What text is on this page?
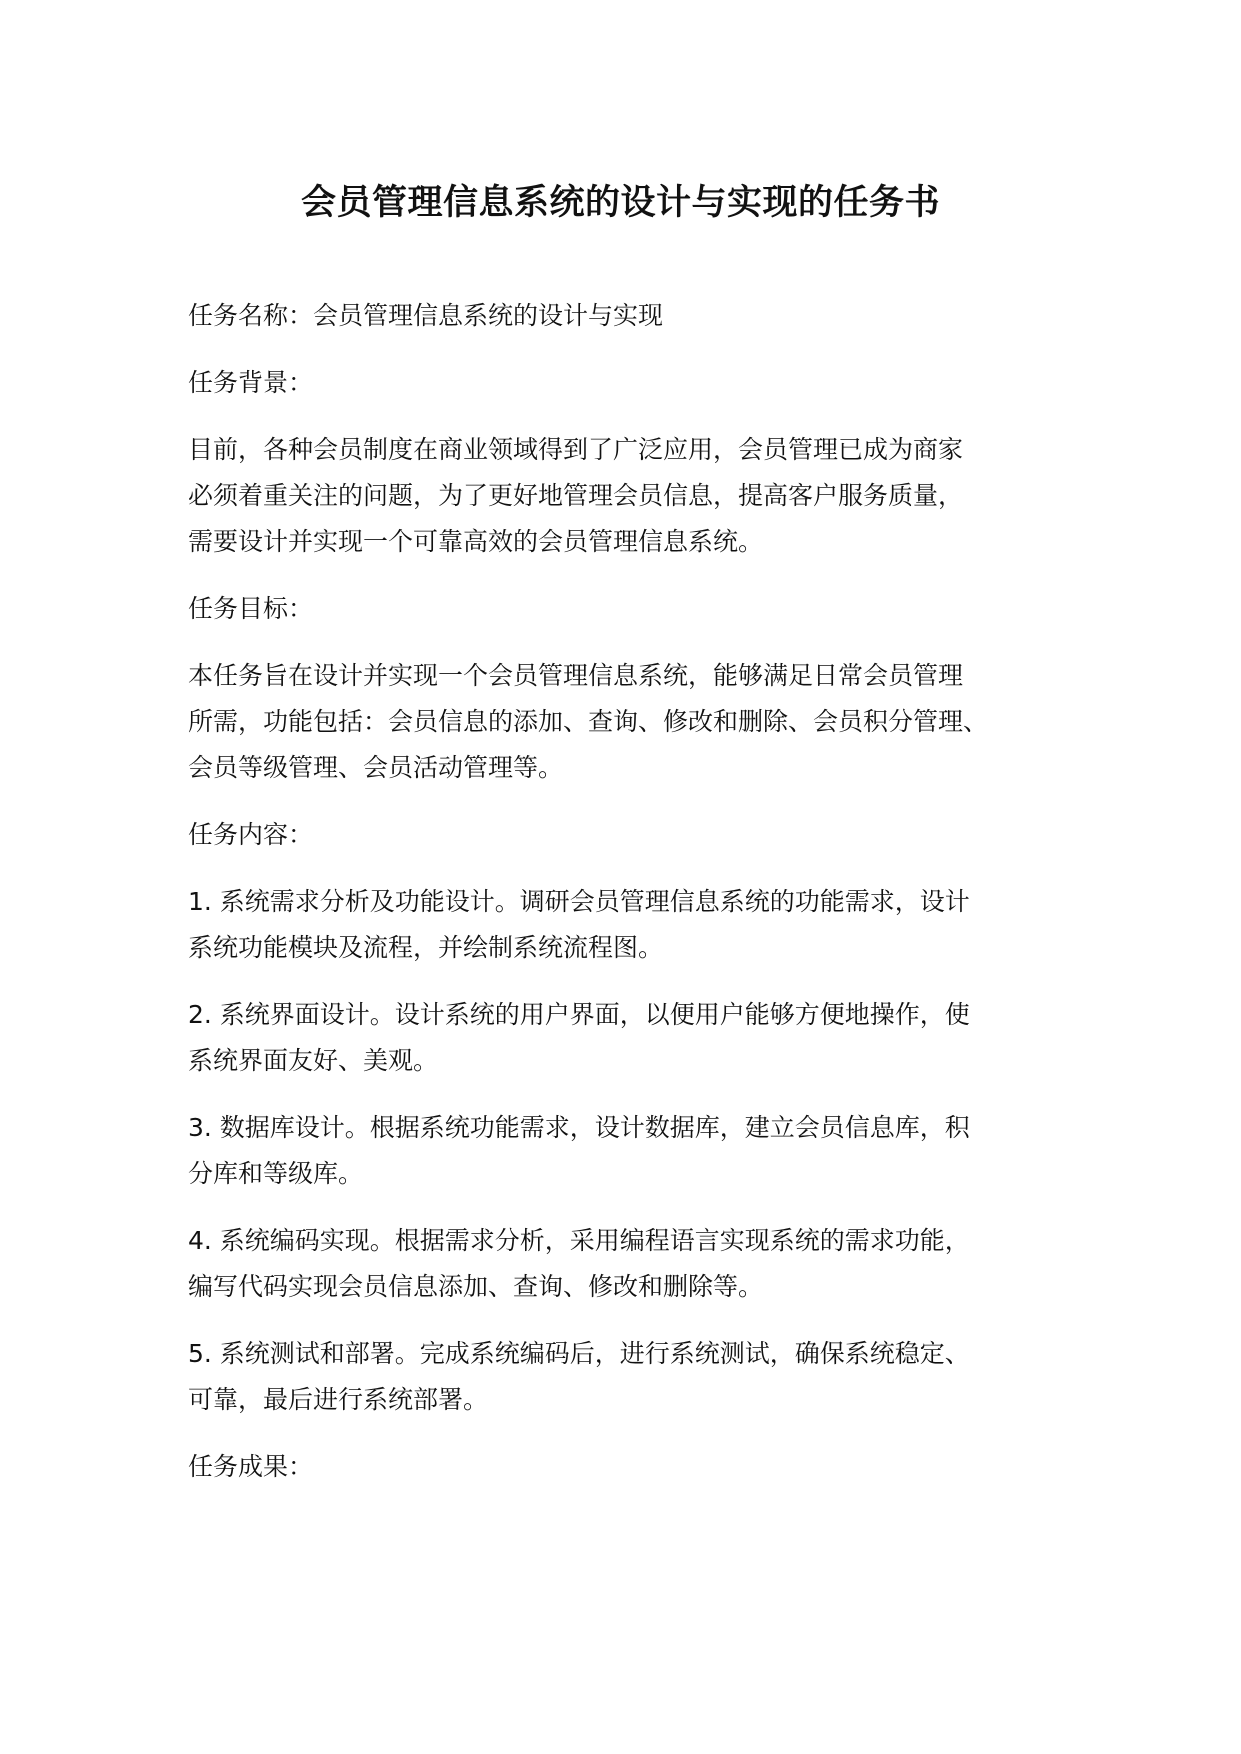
会员管理信息系统的设计与实现的任务书

任务名称：会员管理信息系统的设计与实现

任务背景：

目前，各种会员制度在商业领域得到了广泛应用，会员管理已成为商家
必须着重关注的问题，为了更好地管理会员信息，提高客户服务质量，
需要设计并实现一个可靠高效的会员管理信息系统。

任务目标：

本任务旨在设计并实现一个会员管理信息系统，能够满足日常会员管理
所需，功能包括：会员信息的添加、查询、修改和删除、会员积分管理、
会员等级管理、会员活动管理等。

任务内容：

1. 系统需求分析及功能设计。调研会员管理信息系统的功能需求，设计
系统功能模块及流程，并绘制系统流程图。

2. 系统界面设计。设计系统的用户界面，以便用户能够方便地操作，使
系统界面友好、美观。

3. 数据库设计。根据系统功能需求，设计数据库，建立会员信息库，积
分库和等级库。

4. 系统编码实现。根据需求分析，采用编程语言实现系统的需求功能，
编写代码实现会员信息添加、查询、修改和删除等。

5. 系统测试和部署。完成系统编码后，进行系统测试，确保系统稳定、
可靠，最后进行系统部署。

任务成果：
